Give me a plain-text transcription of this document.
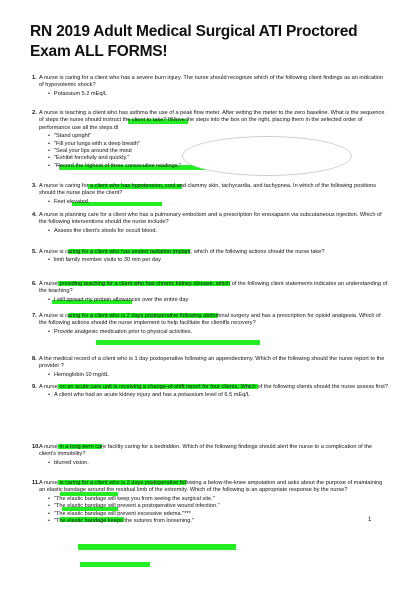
RN 2019 Adult Medical Surgical ATI Proctored Exam ALL FORMS!
1. A nurse is caring for a client who has a severe burn injury. The nurse should recognize which of the following client findings as an indication of hypovolemic shock?
• Potassium 5.2 mEq/L
2. A nurse is teaching a client who has asthma the use of a peak flow meter. After setting the meter to the zero baseline. What is the sequence of steps the nurse should instruct the client to take? ftMove the steps into the box on the right, placing them in the selected order of performance use all the steps.ttl
• "Stand upright"
• "Fill your lungs with a deep breath"
• "Seal your lips around the mout
• "Exhibit forcefully and quickly."
• "Record the highest of three consecutive readings."
3. A nurse is caring for a client who has hypotension, cool and clammy skin, tachycardia, and tachypnea. In which of the following positions should the nurse place the client?
• Feet elevated.
4. A nurse is planning care for a client who has a pulmonary embolism and a prescription for enoxaparin via subcutaneous injection. Which of the following interventions should the nurse include?
• Assess the client's stools for occult blood.
5. A nurse is caring for a client who has sealed radiation implant. which of the following actions should the nurse take?
• limit family member visits to 30 min per day
6. A nurse providing teaching for a client who has chronic kidney disease. which of the following client statements indicates an understanding of the teaching?
• I will spread my protein allowances over the entire day
7. A nurse is caring for a client who is 2 days postoperative following abdominal surgery and has a prescription for opioid analgesia. Which of the following actions should the nurse implement to help facilitate the clientfls recovery?
• Provide analgesic medication prior to physical activities.
8. A the medical record of a client who is 1 day postoperative following an appendectomy. Which of the following should the nurse report to the provider ?
• Hemoglobin 10 mg/dL
9. A nurse on an acute care unit is receiving a change-of-shift report for four clients. Which of the following clients should the nurse assess first?
• A client who had an acute kidney injury and has a potassium level of 6.5 mEq/L
10. A nurse in a long-term care facility caring for a bedridden. Which of the following findings should alert the nurse to a complication of the client's immobility?
• blurred vision.
11. A nurse is caring for a client who is 2 days postoperative following a below-the-knee amputation and asks about the purpose of maintaining an elastic bandage around the residual limb of the extremity. Which of the following is an appropriate response by the nurse?
• "The elastic bandage will keep you from seeing the surgical site."
• "The elastic bandage will prevent a postoperative wound infection."
• "The elastic bandage will prevent excessive edema."***
• "The elastic bandage keeps the sutures from loosening."	1
